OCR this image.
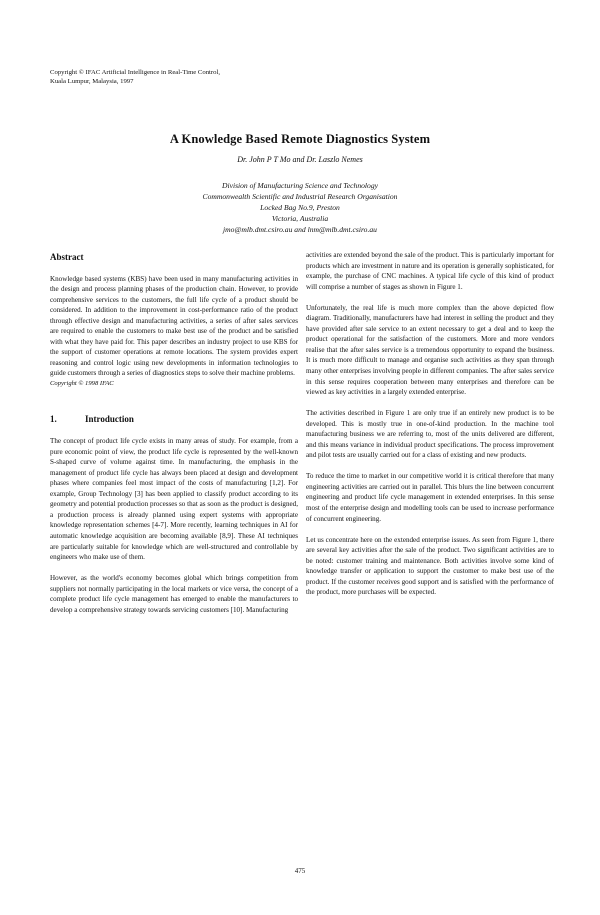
Copyright © IFAC Artificial Intelligence in Real-Time Control,
Kuala Lumpur, Malaysia, 1997
A Knowledge Based Remote Diagnostics System
Dr. John P T Mo and Dr. Laszlo Nemes
Division of Manufacturing Science and Technology
Commonwealth Scientific and Industrial Research Organisation
Locked Bag No.9, Preston
Victoria, Australia
jmo@mlb.dmt.csiro.au and lnm@mlb.dmt.csiro.au
Abstract

Knowledge based systems (KBS) have been used in many manufacturing activities in the design and process planning phases of the production chain. However, to provide comprehensive services to the customers, the full life cycle of a product should be considered. In addition to the improvement in cost-performance ratio of the product through effective design and manufacturing activities, a series of after sales services are required to enable the customers to make best use of the product and be satisfied with what they have paid for. This paper describes an industry project to use KBS for the support of customer operations at remote locations. The system provides expert reasoning and control logic using new developments in information technologies to guide customers through a series of diagnostics steps to solve their machine problems.

Copyright © 1998 IFAC

1.	Introduction

The concept of product life cycle exists in many areas of study. For example, from a pure economic point of view, the product life cycle is represented by the well-known S-shaped curve of volume against time. In manufacturing, the emphasis in the management of product life cycle has always been placed at design and development phases where companies feel most impact of the costs of manufacturing [1,2]. For example, Group Technology [3] has been applied to classify product according to its geometry and potential production processes so that as soon as the product is designed, a production process is already planned using expert systems with appropriate knowledge representation schemes [4-7]. More recently, learning techniques in AI for automatic knowledge acquisition are becoming available [8,9]. These AI techniques are particularly suitable for knowledge which are well-structured and controllable by engineers who make use of them.

However, as the world's economy becomes global which brings competition from suppliers not normally participating in the local markets or vice versa, the concept of a complete product life cycle management has emerged to enable the manufacturers to develop a comprehensive strategy towards servicing customers [10]. Manufacturing

activities are extended beyond the sale of the product. This is particularly important for products which are investment in nature and its operation is generally sophisticated, for example, the purchase of CNC machines. A typical life cycle of this kind of product will comprise a number of stages as shown in Figure 1.

Unfortunately, the real life is much more complex than the above depicted flow diagram. Traditionally, manufacturers have had interest in selling the product and they have provided after sale service to an extent necessary to get a deal and to keep the product operational for the satisfaction of the customers. More and more vendors realise that the after sales service is a tremendous opportunity to expand the business. It is much more difficult to manage and organise such activities as they span through many other enterprises involving people in different companies. The after sales service in this sense requires cooperation between many enterprises and therefore can be viewed as key activities in a largely extended enterprise.

The activities described in Figure 1 are only true if an entirely new product is to be developed. This is mostly true in one-of-kind production. In the machine tool manufacturing business we are referring to, most of the units delivered are different, and this means variance in individual product specifications. The process improvement and pilot tests are usually carried out for a class of existing and new products.

To reduce the time to market in our competitive world it is critical therefore that many engineering activities are carried out in parallel. This blurs the line between concurrent engineering and product life cycle management in extended enterprises. In this sense most of the enterprise design and modelling tools can be used to increase performance of concurrent engineering.

Let us concentrate here on the extended enterprise issues. As seen from Figure 1, there are several key activities after the sale of the product. Two significant activities are to be noted: customer training and maintenance. Both activities involve some kind of knowledge transfer or application to support the customer to make best use of the product. If the customer receives good support and is satisfied with the performance of the product, more purchases will be expected.

475
